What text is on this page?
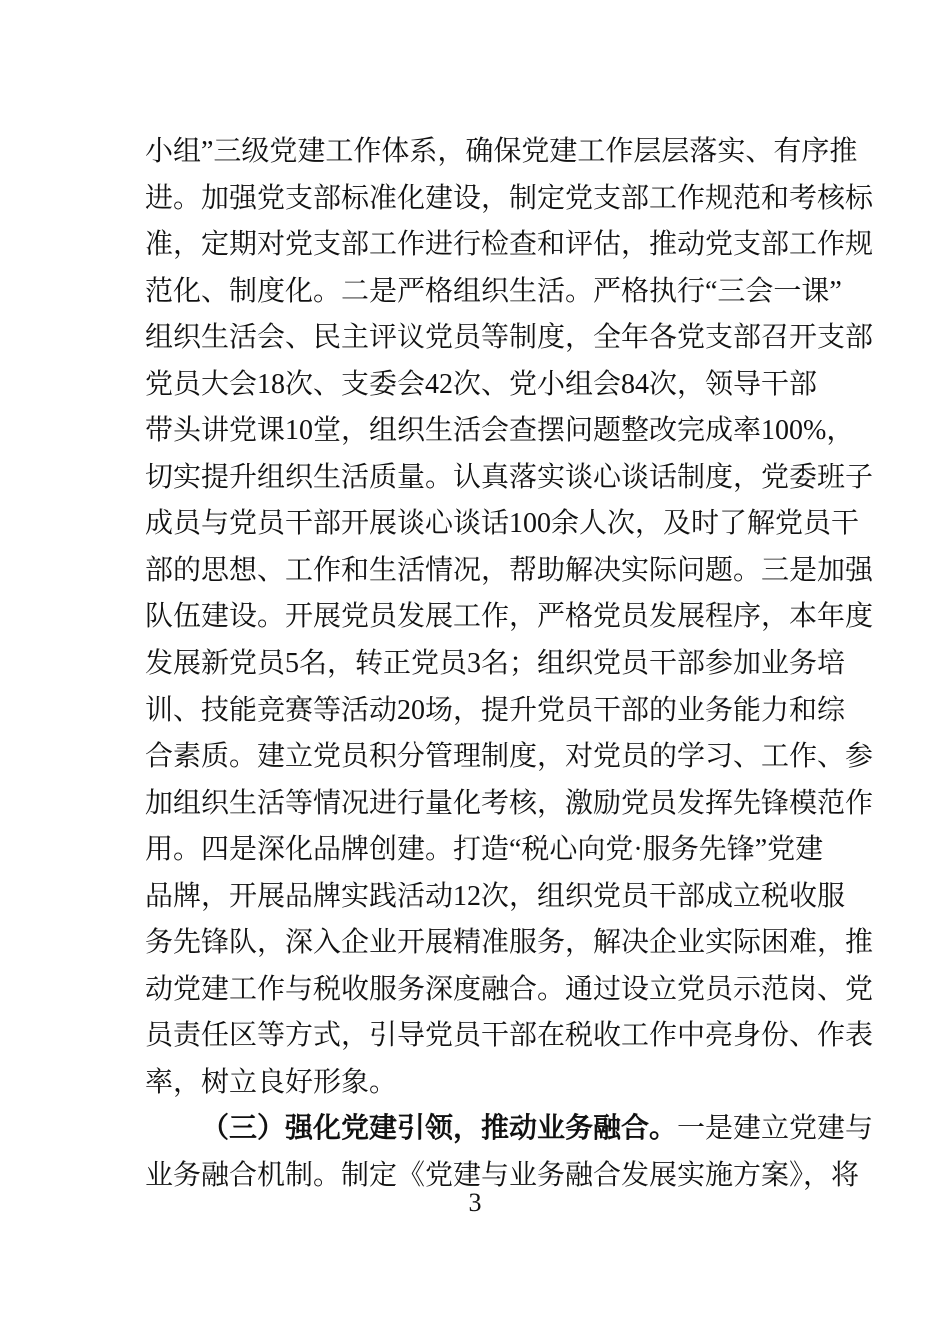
小组”三级党建工作体系，确保党建工作层层落实、有序推
进。加强党支部标准化建设，制定党支部工作规范和考核标
准，定期对党支部工作进行检查和评估，推动党支部工作规
范化、制度化。二是严格组织生活。严格执行“三会一课”
组织生活会、民主评议党员等制度，全年各党支部召开支部
党员大会18次、支委会42次、党小组会84次，领导干部
带头讲党课10堂，组织生活会查摆问题整改完成率100%，
切实提升组织生活质量。认真落实谈心谈话制度，党委班子
成员与党员干部开展谈心谈话100余人次，及时了解党员干
部的思想、工作和生活情况，帮助解决实际问题。三是加强
队伍建设。开展党员发展工作，严格党员发展程序，本年度
发展新党员5名，转正党员3名；组织党员干部参加业务培
训、技能竞赛等活动20场，提升党员干部的业务能力和综
合素质。建立党员积分管理制度，对党员的学习、工作、参
加组织生活等情况进行量化考核，激励党员发挥先锋模范作
用。四是深化品牌创建。打造“税心向党·服务先锋”党建
品牌，开展品牌实践活动12次，组织党员干部成立税收服
务先锋队，深入企业开展精准服务，解决企业实际困难，推
动党建工作与税收服务深度融合。通过设立党员示范岗、党
员责任区等方式，引导党员干部在税收工作中亮身份、作表
率，树立良好形象。
（三）强化党建引领，推动业务融合。一是建立党建与
业务融合机制。制定《党建与业务融合发展实施方案》，将
3
